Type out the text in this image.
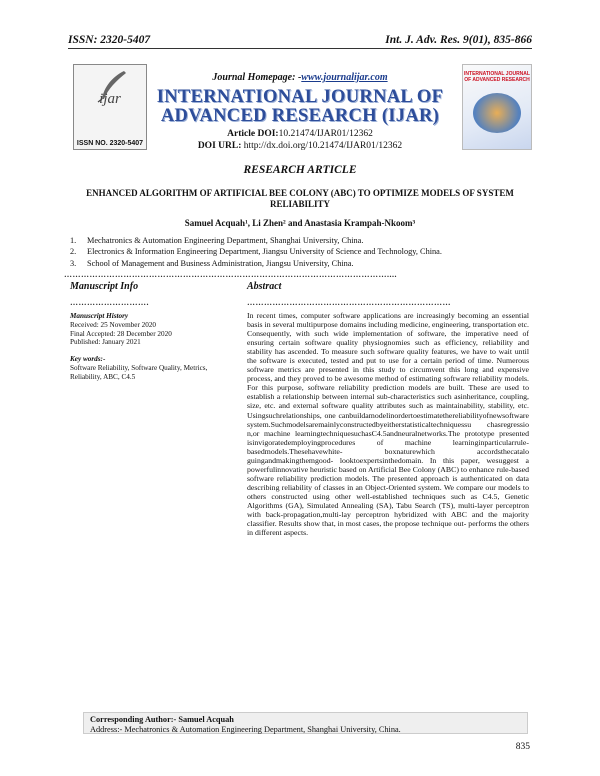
ISSN: 2320-5407	Int. J. Adv. Res. 9(01), 835-866
ijar
ISSN NO. 2320-5407
INTERNATIONAL JOURNAL OF ADVANCED RESEARCH
Journal Homepage: -www.journalijar.com
INTERNATIONAL JOURNAL OF
ADVANCED RESEARCH (IJAR)
Article DOI:10.21474/IJAR01/12362
DOI URL: http://dx.doi.org/10.21474/IJAR01/12362
RESEARCH ARTICLE
ENHANCED ALGORITHM OF ARTIFICIAL BEE COLONY (ABC) TO OPTIMIZE MODELS OF SYSTEM RELIABILITY
Samuel Acquah¹, Li Zhen² and Anastasia Krampah-Nkoom³
1.	Mechatronics & Automation Engineering Department, Shanghai University, China.
2.	Electronics & Information Engineering Department, Jiangsu University of Science and Technology, China.
3.	School of Management and Business Administration, Jiangsu University, China.
……………………………………………………………………………………………………....
Manuscript Info	Abstract
……………………….	………………………………………………………………
Manuscript History
Received: 25 November 2020
Final Accepted: 28 December 2020
Published: January 2021
Key words:-
Software Reliability, Software Quality, Metrics, Reliability, ABC, C4.5
In recent times, computer software applications are increasingly becoming an essential basis in several multipurpose domains including medicine, engineering, transportation etc. Consequently, with such wide implementation of software, the imperative need of ensuring certain software quality physiognomies such as efficiency, reliability and stability has ascended. To measure such software quality features, we have to wait until the software is executed, tested and put to use for a certain period of time. Numerous software metrics are presented in this study to circumvent this long and expensive process, and they proved to be awesome method of estimating software reliability models. For this purpose, software reliability prediction models are built. These are used to establish a relationship between internal sub-characteristics such asinheritance, coupling, size, etc. and external software quality attributes such as maintainability, stability, etc. Usingsuchrelationships, one canbuildamodelinordertoestimatethereliabilityofnewsoftware system.Suchmodelsaremainlyconstructedbyeitherstatisticaltechniquessu chasregressio n,or machine learningtechniquesuchasC4.5andneuralnetworks.The prototype presented isinvigoratedemployingprocedures of machine learninginparticularrule- basedmodels.Thesehavewhite- boxnaturewhich accordsthecatalo guingandmakingthemgood- looktoexpertsinthedomain. In this paper, wesuggest a powerfulinnovative heuristic based on Artificial Bee Colony (ABC) to enhance rule-based software reliability prediction models. The presented approach is authenticated on data describing reliability of classes in an Object-Oriented system. We compare our models to others constructed using other well-established techniques such as C4.5, Genetic Algorithms (GA), Simulated Annealing (SA), Tabu Search (TS), multi-layer perceptron with back-propagation,multi-lay perceptron hybridized with ABC and the majority classifier. Results show that, in most cases, the propose technique out- performs the others in different aspects.
Corresponding Author:- Samuel Acquah
Address:- Mechatronics & Automation Engineering Department, Shanghai University, China.
835
